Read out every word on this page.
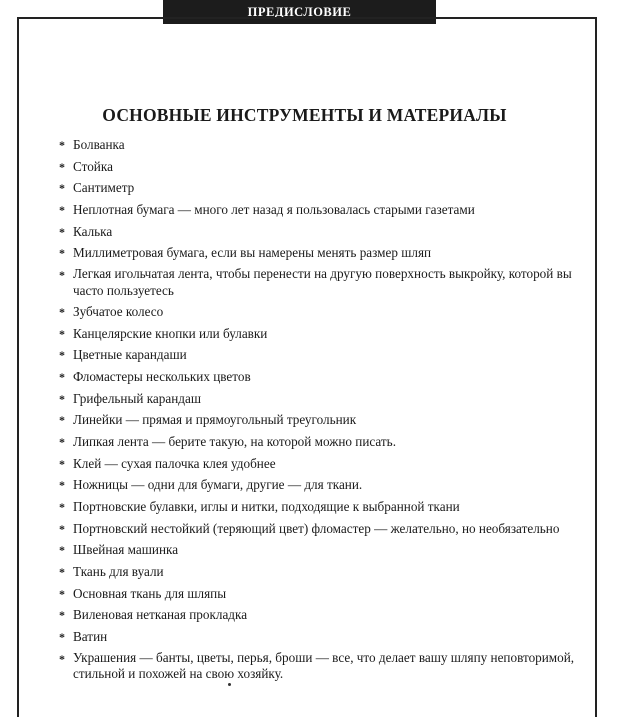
ПРЕДИСЛОВИЕ
ОСНОВНЫЕ ИНСТРУМЕНТЫ И МАТЕРИАЛЫ
* Болванка
* Стойка
* Сантиметр
* Неплотная бумага — много лет назад я пользовалась старыми газетами
* Калька
* Миллиметровая бумага, если вы намерены менять размер шляп
* Легкая игольчатая лента, чтобы перенести на другую поверхность выкройку, которой вы часто пользуетесь
* Зубчатое колесо
* Канцелярские кнопки или булавки
* Цветные карандаши
* Фломастеры нескольких цветов
* Грифельный карандаш
* Линейки — прямая и прямоугольный треугольник
* Липкая лента — берите такую, на которой можно писать.
* Клей — сухая палочка клея удобнее
* Ножницы — одни для бумаги, другие — для ткани.
* Портновские булавки, иглы и нитки, подходящие к выбранной ткани
* Портновский нестойкий (теряющий цвет) фломастер — желательно, но необязательно
* Швейная машинка
* Ткань для вуали
* Основная ткань для шляпы
* Виленовая нетканая прокладка
* Ватин
* Украшения — банты, цветы, перья, броши — все, что делает вашу шляпу неповторимой, стильной и похожей на свою хозяйку.
